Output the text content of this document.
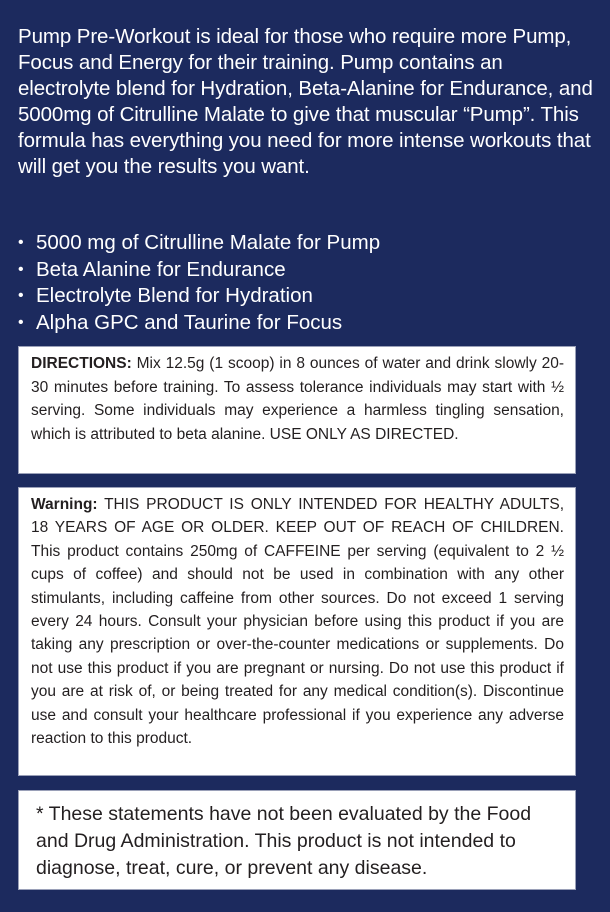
Pump Pre-Workout is ideal for those who require more Pump, Focus and Energy for their training. Pump contains an electrolyte blend for Hydration, Beta-Alanine for Endurance, and 5000mg of Citrulline Malate to give that muscular “Pump”. This formula has everything you need for more intense workouts that will get you the results you want.

• 5000 mg of Citrulline Malate for Pump
• Beta Alanine for Endurance
• Electrolyte Blend for Hydration
• Alpha GPC and Taurine for Focus

DIRECTIONS: Mix 12.5g (1 scoop) in 8 ounces of water and drink slowly 20-30 minutes before training. To assess tolerance individuals may start with ½ serving. Some individuals may experience a harmless tingling sensation, which is attributed to beta alanine. USE ONLY AS DIRECTED.

Warning: THIS PRODUCT IS ONLY INTENDED FOR HEALTHY ADULTS, 18 YEARS OF AGE OR OLDER. KEEP OUT OF REACH OF CHILDREN. This product contains 250mg of CAFFEINE per serving (equivalent to 2 ½ cups of coffee) and should not be used in combination with any other stimulants, including caffeine from other sources. Do not exceed 1 serving every 24 hours. Consult your physician before using this product if you are taking any prescription or over-the-counter medications or supplements. Do not use this product if you are pregnant or nursing. Do not use this product if you are at risk of, or being treated for any medical condition(s). Discontinue use and consult your healthcare professional if you experience any adverse reaction to this product.

* These statements have not been evaluated by the Food and Drug Administration. This product is not intended to diagnose, treat, cure, or prevent any disease.
